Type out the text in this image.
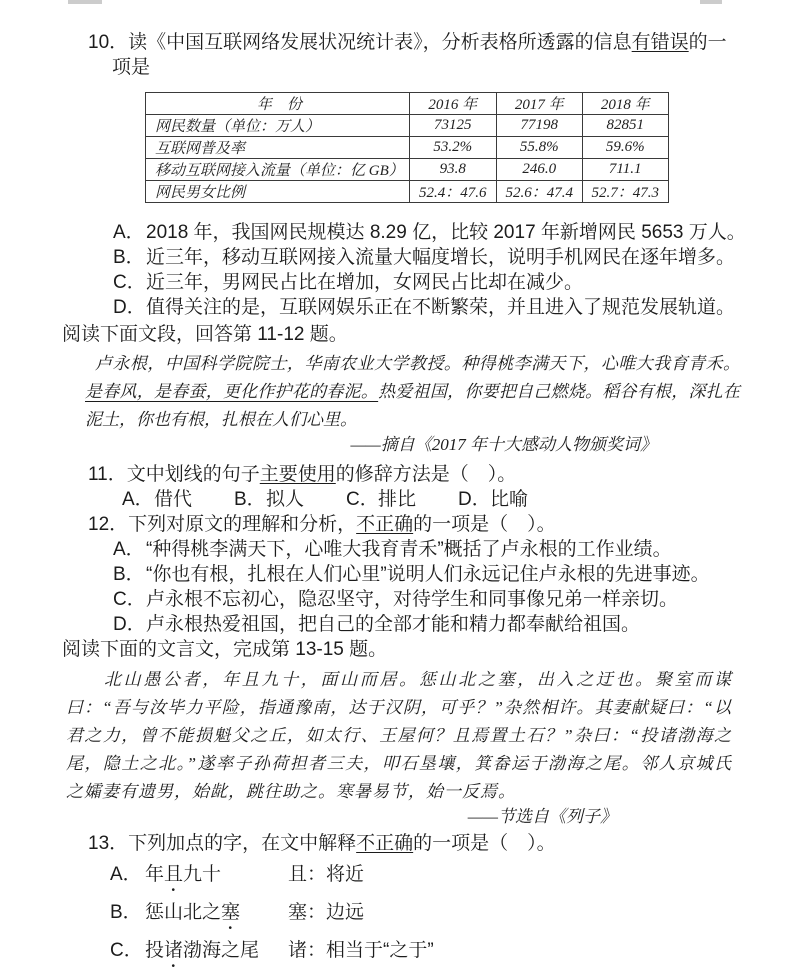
10．读《中国互联网络发展状况统计表》，分析表格所透露的信息有错误的一
项是
年　份	2016 年	2017 年	2018 年
网民数量（单位：万人）	73125	77198	82851
互联网普及率	53.2%	55.8%	59.6%
移动互联网接入流量（单位：亿 GB）	93.8	246.0	711.1
网民男女比例	52.4：47.6	52.6：47.4	52.7：47.3
A．2018 年，我国网民规模达 8.29 亿，比较 2017 年新增网民 5653 万人。
B．近三年，移动互联网接入流量大幅度增长，说明手机网民在逐年增多。
C．近三年，男网民占比在增加，女网民占比却在减少。
D．值得关注的是，互联网娱乐正在不断繁荣，并且进入了规范发展轨道。
阅读下面文段，回答第 11-12 题。
卢永根，中国科学院院士，华南农业大学教授。种得桃李满天下，心唯大我育青禾。是春风，是春蚕，更化作护花的春泥。热爱祖国，你要把自己燃烧。稻谷有根，深扎在泥土，你也有根，扎根在人们心里。
——摘自《2017 年十大感动人物颁奖词》
11．文中划线的句子主要使用的修辞方法是（　）。
A．借代 B．拟人 C．排比 D．比喻
12．下列对原文的理解和分析，不正确的一项是（　）。
A．“种得桃李满天下，心唯大我育青禾”概括了卢永根的工作业绩。
B．“你也有根，扎根在人们心里”说明人们永远记住卢永根的先进事迹。
C．卢永根不忘初心，隐忍坚守，对待学生和同事像兄弟一样亲切。
D．卢永根热爱祖国，把自己的全部才能和精力都奉献给祖国。
阅读下面的文言文，完成第 13-15 题。
北山愚公者，年且九十，面山而居。惩山北之塞，出入之迂也。聚室而谋曰：“吾与汝毕力平险，指通豫南，达于汉阴，可乎？”杂然相许。其妻献疑曰：“以君之力，曾不能损魁父之丘，如太行、王屋何？且焉置土石？”杂曰：“投诸渤海之尾，隐土之北。”遂率子孙荷担者三夫，叩石垦壤，箕畚运于渤海之尾。邻人京城氏之孀妻有遗男，始龀，跳往助之。寒暑易节，始一反焉。
——节选自《列子》
13．下列加点的字，在文中解释不正确的一项是（　）。
A． 年且九十	且：将近
B． 惩山北之塞	塞：边远
C． 投诸渤海之尾	诸：相当于“之于”
